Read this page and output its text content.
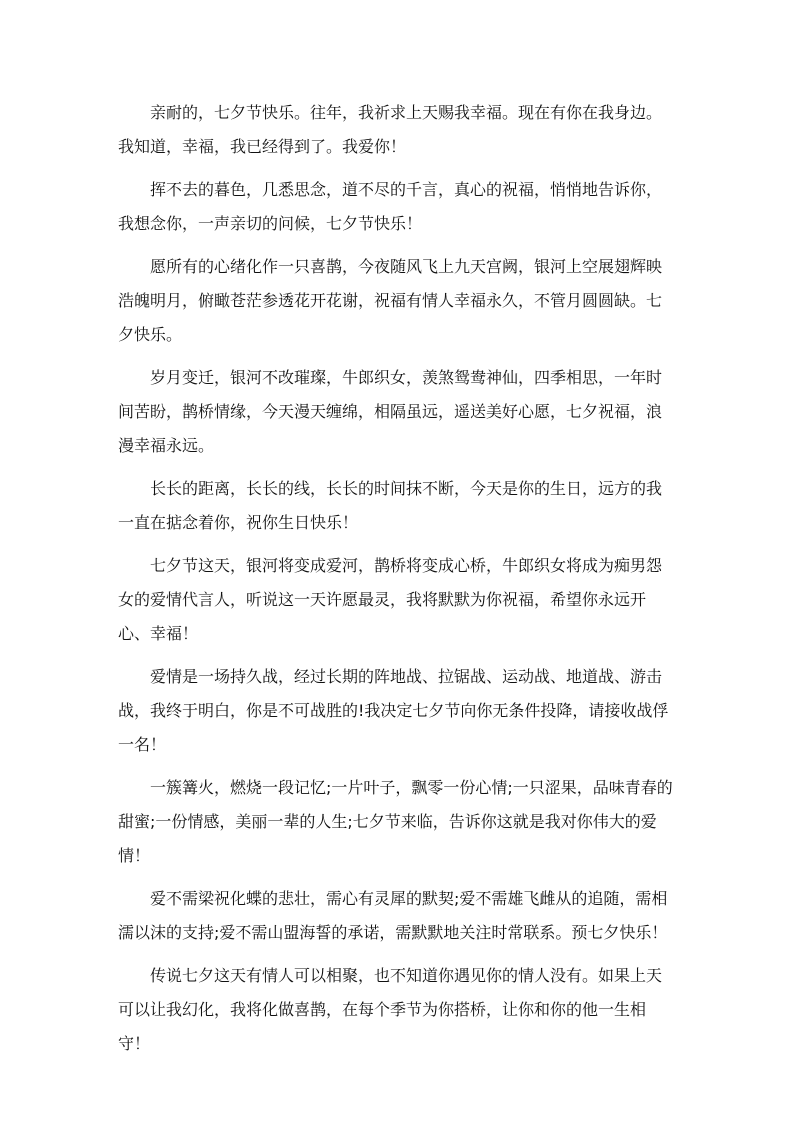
亲耐的，七夕节快乐。往年，我祈求上天赐我幸福。现在有你在我身边。我知道，幸福，我已经得到了。我爱你！

挥不去的暮色，几悉思念，道不尽的千言，真心的祝福，悄悄地告诉你，我想念你，一声亲切的问候，七夕节快乐！

愿所有的心绪化作一只喜鹊，今夜随风飞上九天宫阙，银河上空展翅辉映浩魄明月，俯瞰苍茫参透花开花谢，祝福有情人幸福永久，不管月圆圆缺。七夕快乐。

岁月变迁，银河不改璀璨，牛郎织女，羡煞鸳鸯神仙，四季相思，一年时间苦盼，鹊桥情缘，今天漫天缠绵，相隔虽远，遥送美好心愿，七夕祝福，浪漫幸福永远。

长长的距离，长长的线，长长的时间抹不断，今天是你的生日，远方的我一直在掂念着你，祝你生日快乐！

七夕节这天，银河将变成爱河，鹊桥将变成心桥，牛郎织女将成为痴男怨女的爱情代言人，听说这一天许愿最灵，我将默默为你祝福，希望你永远开心、幸福！

爱情是一场持久战，经过长期的阵地战、拉锯战、运动战、地道战、游击战，我终于明白，你是不可战胜的!我决定七夕节向你无条件投降，请接收战俘一名！

一簇篝火，燃烧一段记忆;一片叶子，飘零一份心情;一只涩果，品味青春的甜蜜;一份情感，美丽一辈的人生;七夕节来临，告诉你这就是我对你伟大的爱情！

爱不需梁祝化蝶的悲壮，需心有灵犀的默契;爱不需雄飞雌从的追随，需相濡以沫的支持;爱不需山盟海誓的承诺，需默默地关注时常联系。预七夕快乐！

传说七夕这天有情人可以相聚，也不知道你遇见你的情人没有。如果上天可以让我幻化，我将化做喜鹊，在每个季节为你搭桥，让你和你的他一生相守！
